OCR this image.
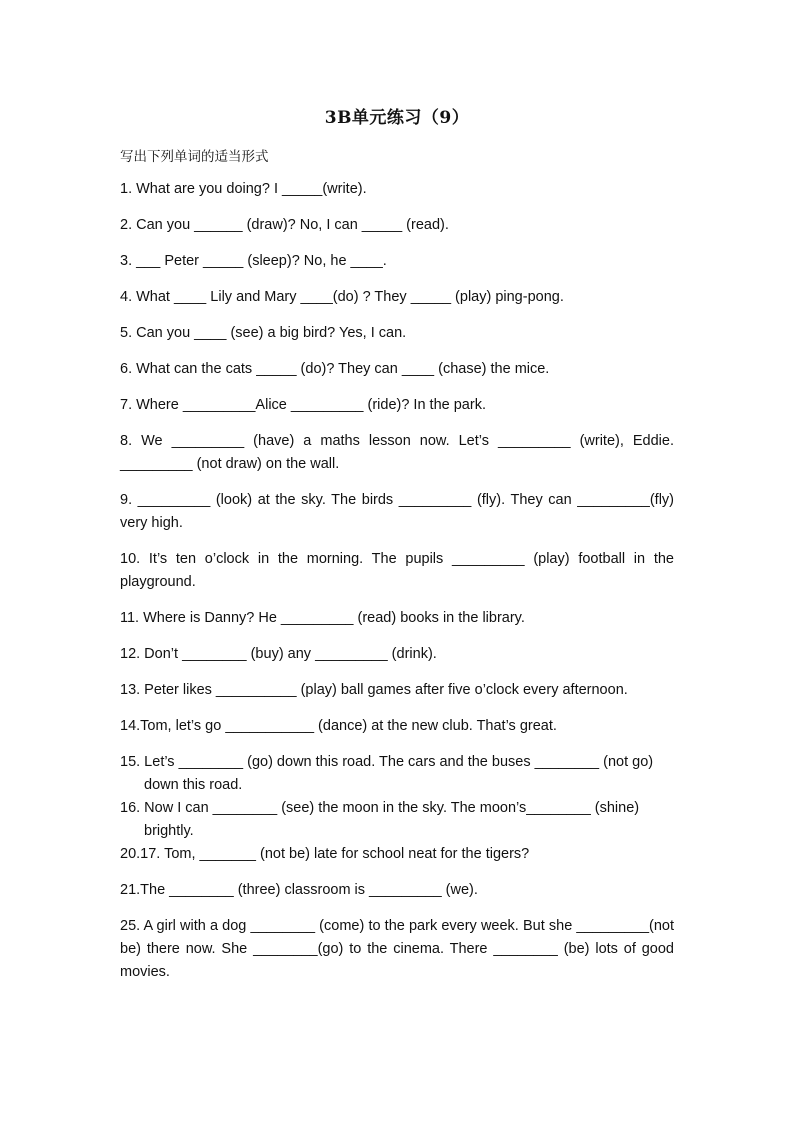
3B单元练习（9）
写出下列单词的适当形式

1. What are you doing? I _____(write).

2. Can you ______ (draw)? No, I can _____ (read).

3. ___ Peter _____ (sleep)? No, he ____.

4. What ____ Lily and Mary ____(do) ? They _____ (play) ping-pong.

5. Can you ____ (see) a big bird? Yes, I can.

6. What can the cats _____ (do)? They can ____ (chase) the mice.

7. Where _________Alice _________ (ride)? In the park.

8. We _________ (have) a maths lesson now. Let’s _________ (write), Eddie. _________ (not draw) on the wall.

9. _________ (look) at the sky. The birds _________ (fly). They can _________(fly) very high.

10. It’s ten o’clock in the morning. The pupils _________ (play) football in the playground.

11. Where is Danny? He _________ (read) books in the library.

12. Don’t ________ (buy) any _________ (drink).

13. Peter likes __________ (play) ball games after five o’clock every afternoon.

14.Tom, let’s go ___________ (dance) at the new club. That’s great.

15. Let’s ________ (go) down this road. The cars and the buses ________ (not go) down this road.

16. Now I can ________ (see) the moon in the sky. The moon’s________ (shine) brightly.

20.17. Tom, _______ (not be) late for school neat for the tigers?

21.The ________ (three) classroom is _________ (we).

25. A girl with a dog ________ (come) to the park every week. But she _________(not be) there now. She ________(go) to the cinema. There ________ (be) lots of good movies.
